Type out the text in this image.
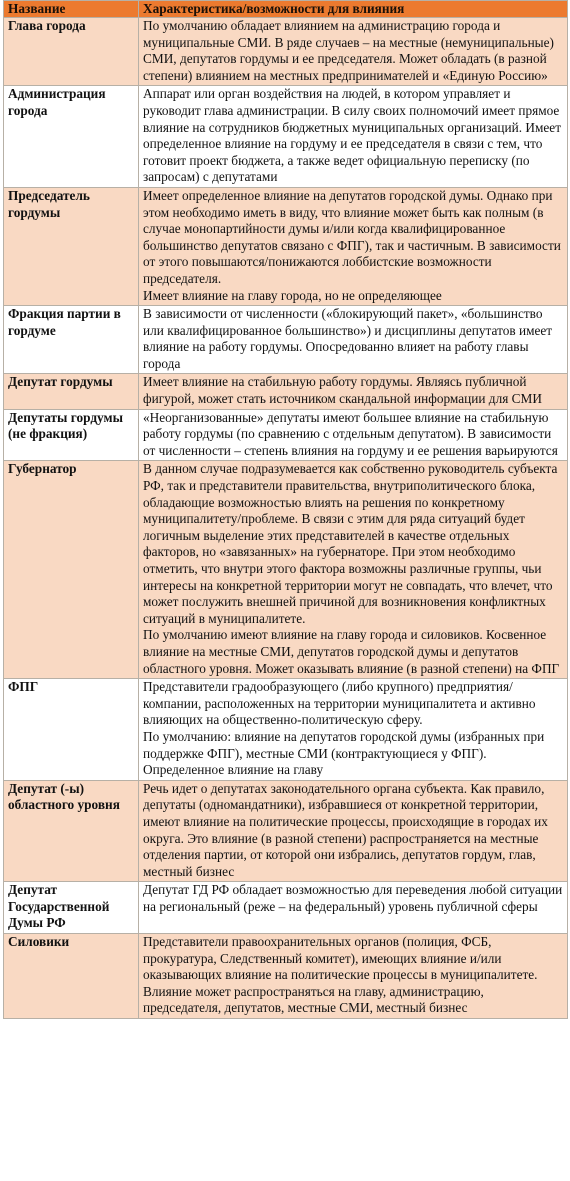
Название	Характеристика/возможности для влияния
Глава города	По умолчанию обладает влиянием на администрацию города и муниципальные СМИ. В ряде случаев – на местные (немуниципальные) СМИ, депутатов гордумы и ее председателя. Может обладать (в разной степени) влиянием на местных предпринимателей и «Единую Россию»
Администрация города	Аппарат или орган воздействия на людей, в котором управляет и руководит глава администрации. В силу своих полномочий имеет прямое влияние на сотрудников бюджетных муниципальных организаций. Имеет определенное влияние на гордуму и ее председателя в связи с тем, что готовит проект бюджета, а также ведет официальную переписку (по запросам) с депутатами
Председатель гордумы	Имеет определенное влияние на депутатов городской думы. Однако при этом необходимо иметь в виду, что влияние может быть как полным (в случае монопартийности думы и/или когда квалифицированное большинство депутатов связано с ФПГ), так и частичным. В зависимости от этого повышаются/понижаются лоббистские возможности председателя.
Имеет влияние на главу города, но не определяющее
Фракция партии в гордуме	В зависимости от численности («блокирующий пакет», «большинство или квалифицированное большинство») и дисциплины депутатов имеет влияние на работу гордумы. Опосредованно влияет на работу главы города
Депутат гордумы	Имеет влияние на стабильную работу гордумы. Являясь публичной фигурой, может стать источником скандальной информации для СМИ
Депутаты гордумы (не фракция)	«Неорганизованные» депутаты имеют большее влияние на стабильную работу гордумы (по сравнению с отдельным депутатом). В зависимости от численности – степень влияния на гордуму и ее решения варьируются
Губернатор	В данном случае подразумевается как собственно руководитель субъекта РФ, так и представители правительства, внутриполитического блока, обладающие возможностью влиять на решения по конкретному муниципалитету/проблеме. В связи с этим для ряда ситуаций будет логичным выделение этих представителей в качестве отдельных факторов, но «завязанных» на губернаторе. При этом необходимо отметить, что внутри этого фактора возможны различные группы, чьи интересы на конкретной территории могут не совпадать, что влечет, что может послужить внешней причиной для возникновения конфликтных ситуаций в муниципалитете.
По умолчанию имеют влияние на главу города и силовиков. Косвенное влияние на местные СМИ, депутатов городской думы и депутатов областного уровня. Может оказывать влияние (в разной степени) на ФПГ
ФПГ	Представители градообразующего (либо крупного) предприятия/компании, расположенных на территории муниципалитета и активно влияющих на общественно-политическую сферу.
По умолчанию: влияние на депутатов городской думы (избранных при поддержке ФПГ), местные СМИ (контрактующиеся у ФПГ). Определенное влияние на главу
Депутат (-ы) областного уровня	Речь идет о депутатах законодательного органа субъекта. Как правило, депутаты (одномандатники), избравшиеся от конкретной территории, имеют влияние на политические процессы, происходящие в городах их округа. Это влияние (в разной степени) распространяется на местные отделения партии, от которой они избрались, депутатов гордум, глав, местный бизнес
Депутат Государственной Думы РФ	Депутат ГД РФ обладает возможностью для переведения любой ситуации на региональный (реже – на федеральный) уровень публичной сферы
Силовики	Представители правоохранительных органов (полиция, ФСБ, прокуратура, Следственный комитет), имеющих влияние и/или оказывающих влияние на политические процессы в муниципалитете. Влияние может распространяться на главу, администрацию, председателя, депутатов, местные СМИ, местный бизнес
